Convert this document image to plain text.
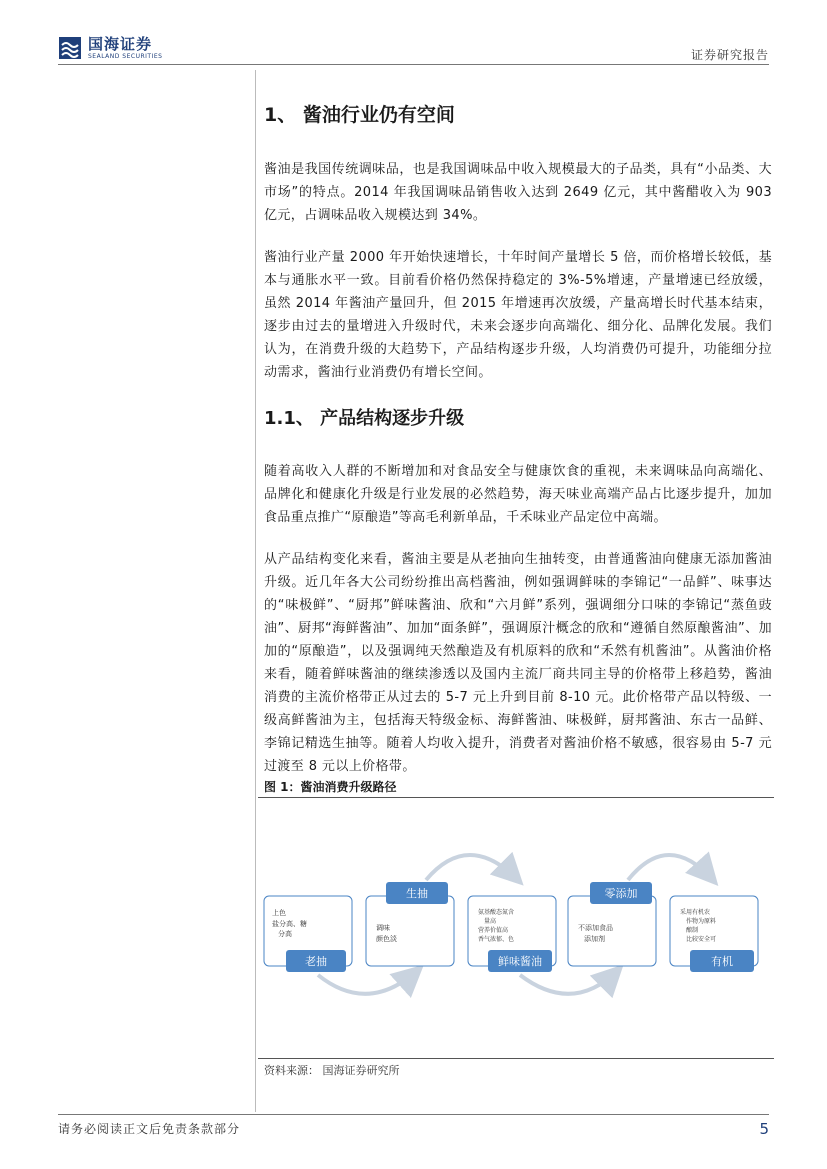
国海证券
SEALAND SECURITIES	证券研究报告
1、 酱油行业仍有空间

酱油是我国传统调味品，也是我国调味品中收入规模最大的子品类，具有“小品类、大市场”的特点。2014 年我国调味品销售收入达到 2649 亿元，其中酱醋收入为 903 亿元，占调味品收入规模达到 34%。

酱油行业产量 2000 年开始快速增长，十年时间产量增长 5 倍，而价格增长较低，基本与通胀水平一致。目前看价格仍然保持稳定的 3%-5%增速，产量增速已经放缓，虽然 2014 年酱油产量回升，但 2015 年增速再次放缓，产量高增长时代基本结束，逐步由过去的量增进入升级时代，未来会逐步向高端化、细分化、品牌化发展。我们认为，在消费升级的大趋势下，产品结构逐步升级，人均消费仍可提升，功能细分拉动需求，酱油行业消费仍有增长空间。

1.1、 产品结构逐步升级

随着高收入人群的不断增加和对食品安全与健康饮食的重视，未来调味品向高端化、品牌化和健康化升级是行业发展的必然趋势，海天味业高端产品占比逐步提升，加加食品重点推广“原酿造”等高毛利新单品，千禾味业产品定位中高端。

从产品结构变化来看，酱油主要是从老抽向生抽转变，由普通酱油向健康无添加酱油升级。近几年各大公司纷纷推出高档酱油，例如强调鲜味的李锦记“一品鲜”、味事达的“味极鲜”、“厨邦”鲜味酱油、欣和“六月鲜”系列，强调细分口味的李锦记“蒸鱼豉油”、厨邦“海鲜酱油”、加加“面条鲜”，强调原汁概念的欣和“遵循自然原酿酱油”、加加的“原酿造”，以及强调纯天然酿造及有机原料的欣和“禾然有机酱油”。从酱油价格来看，随着鲜味酱油的继续渗透以及国内主流厂商共同主导的价格带上移趋势，酱油消费的主流价格带正从过去的 5-7 元上升到目前 8-10 元。此价格带产品以特级、一级高鲜酱油为主，包括海天特级金标、海鲜酱油、味极鲜，厨邦酱油、东古一品鲜、李锦记精选生抽等。随着人均收入提升，消费者对酱油价格不敏感，很容易由 5-7 元过渡至 8 元以上价格带。

图 1：酱油消费升级路径
上色
盐分高、糖
分高
老抽
生抽
调味
颜色淡
氨基酸态氮含
量高
营养价值高
香气浓郁、色
鲜味酱油
零添加
不添加食品
添加剂
采用有机农
作物为原料
酿制
比较安全可
有机
资料来源： 国海证券研究所
请务必阅读正文后免责条款部分	5
